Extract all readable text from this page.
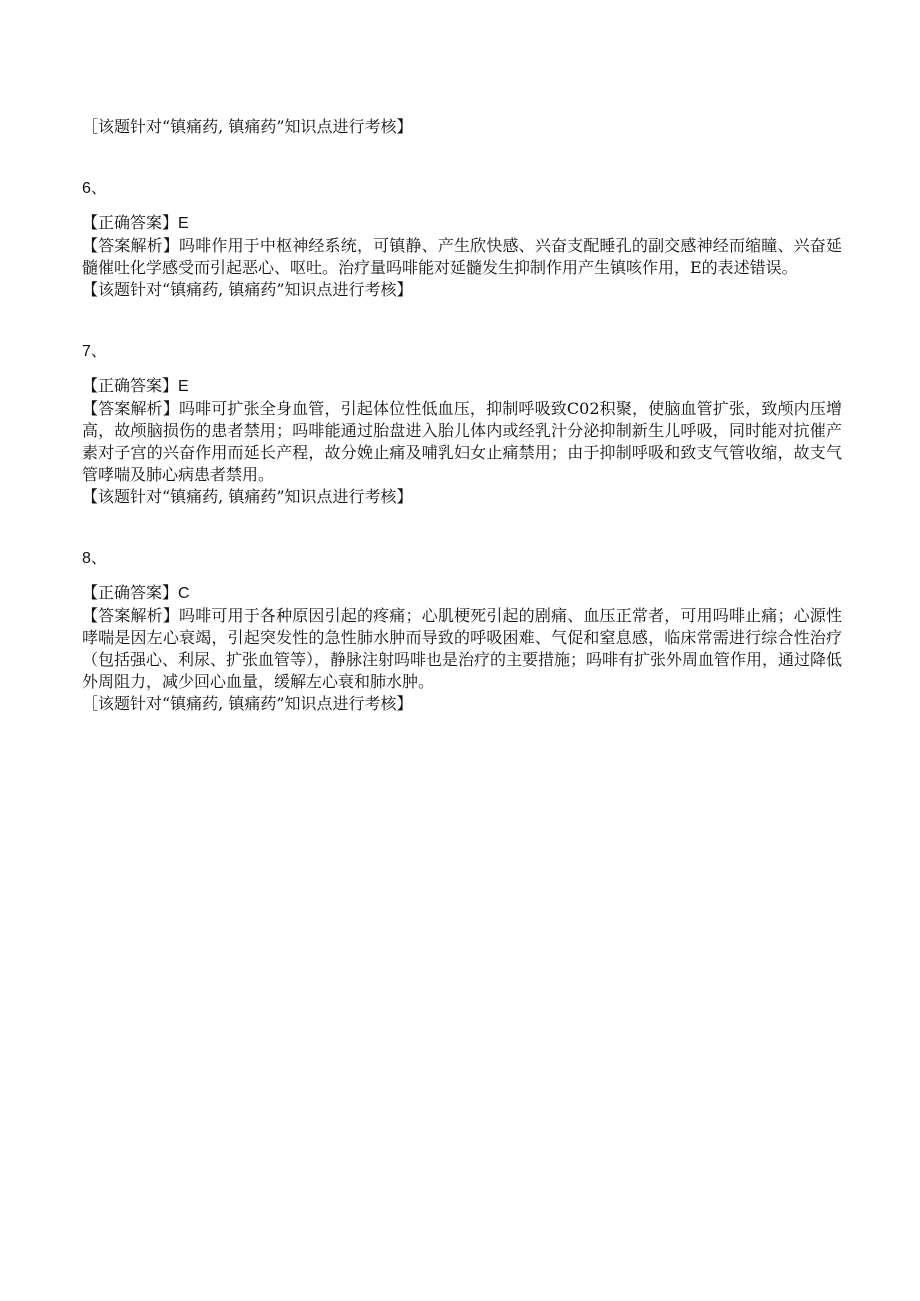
［该题针对“镇痛药, 镇痛药”知识点进行考核】

6、

【正确答案】E

【答案解析】吗啡作用于中枢神经系统，可镇静、产生欣快感、兴奋支配睡孔的副交感神经而缩瞳、兴奋延髓催吐化学感受而引起恶心、呕吐。治疗量吗啡能对延髓发生抑制作用产生镇咳作用，E的表述错误。

【该题针对“镇痛药, 镇痛药”知识点进行考核】

7、

【正确答案】E

【答案解析】吗啡可扩张全身血管，引起体位性低血压，抑制呼吸致C02积聚，使脑血管扩张，致颅内压增高，故颅脑损伤的患者禁用；吗啡能通过胎盘进入胎儿体内或经乳汁分泌抑制新生儿呼吸，同时能对抗催产素对子宫的兴奋作用而延长产程，故分娩止痛及哺乳妇女止痛禁用；由于抑制呼吸和致支气管收缩，故支气管哮喘及肺心病患者禁用。

【该题针对“镇痛药, 镇痛药”知识点进行考核】

8、

【正确答案】C

【答案解析】吗啡可用于各种原因引起的疼痛；心肌梗死引起的剧痛、血压正常者，可用吗啡止痛；心源性哮喘是因左心衰竭，引起突发性的急性肺水肿而导致的呼吸困难、气促和窒息感，临床常需进行综合性治疗（包括强心、利尿、扩张血管等），静脉注射吗啡也是治疗的主要措施；吗啡有扩张外周血管作用，通过降低外周阻力，减少回心血量，缓解左心衰和肺水肿。

［该题针对“镇痛药, 镇痛药”知识点进行考核】
